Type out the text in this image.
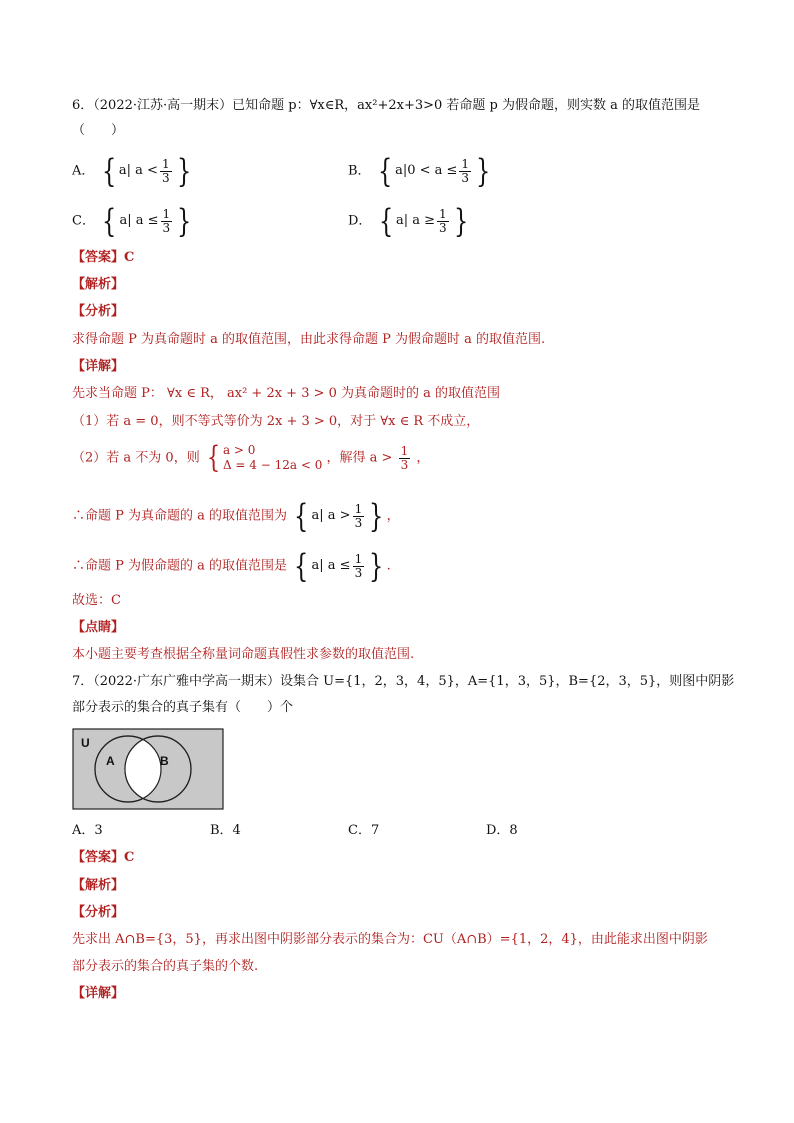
6．（2022·江苏·高一期末）已知命题 p：∀x∈R，ax²+2x+3>0 若命题 p 为假命题，则实数 a 的取值范围是
（　　）
A． { a| $a < \frac{1}{3}$ }	B． { $a|0 < a \le \frac{1}{3}$ }
C． { a| $a \le \frac{1}{3}$ }	D． { a| $a \ge \frac{1}{3}$ }
【答案】C
【解析】
【分析】
求得命题 P 为真命题时 a 的取值范围，由此求得命题 P 为假命题时 a 的取值范围.
【详解】
先求当命题 P： ∀x ∈ R， ax² + 2x + 3 > 0 为真命题时的 a 的取值范围
（1）若 a = 0，则不等式等价为 2x + 3 > 0，对于 ∀x ∈ R 不成立，
（2）若 a 不为 0，则 { a > 0
Δ = 4 − 12a < 0 ，解得 $a > \frac{1}{3}$ ，
∴命题 P 为真命题的 a 的取值范围为 { a| $a > \frac{1}{3}$ } ，
∴命题 P 为假命题的 a 的取值范围是 { a| $a \le \frac{1}{3}$ } .
故选：C
【点睛】
本小题主要考查根据全称量词命题真假性求参数的取值范围.
7．（2022·广东广雅中学高一期末）设集合 U={1，2，3，4，5}，A={1，3，5}，B={2，3，5}，则图中阴影
部分表示的集合的真子集有（　　）个
U
A	B
A．3	B．4	C．7	D．8
【答案】C
【解析】
【分析】
先求出 A∩B={3，5}，再求出图中阴影部分表示的集合为：CU（A∩B）={1，2，4}，由此能求出图中阴影
部分表示的集合的真子集的个数.
【详解】
